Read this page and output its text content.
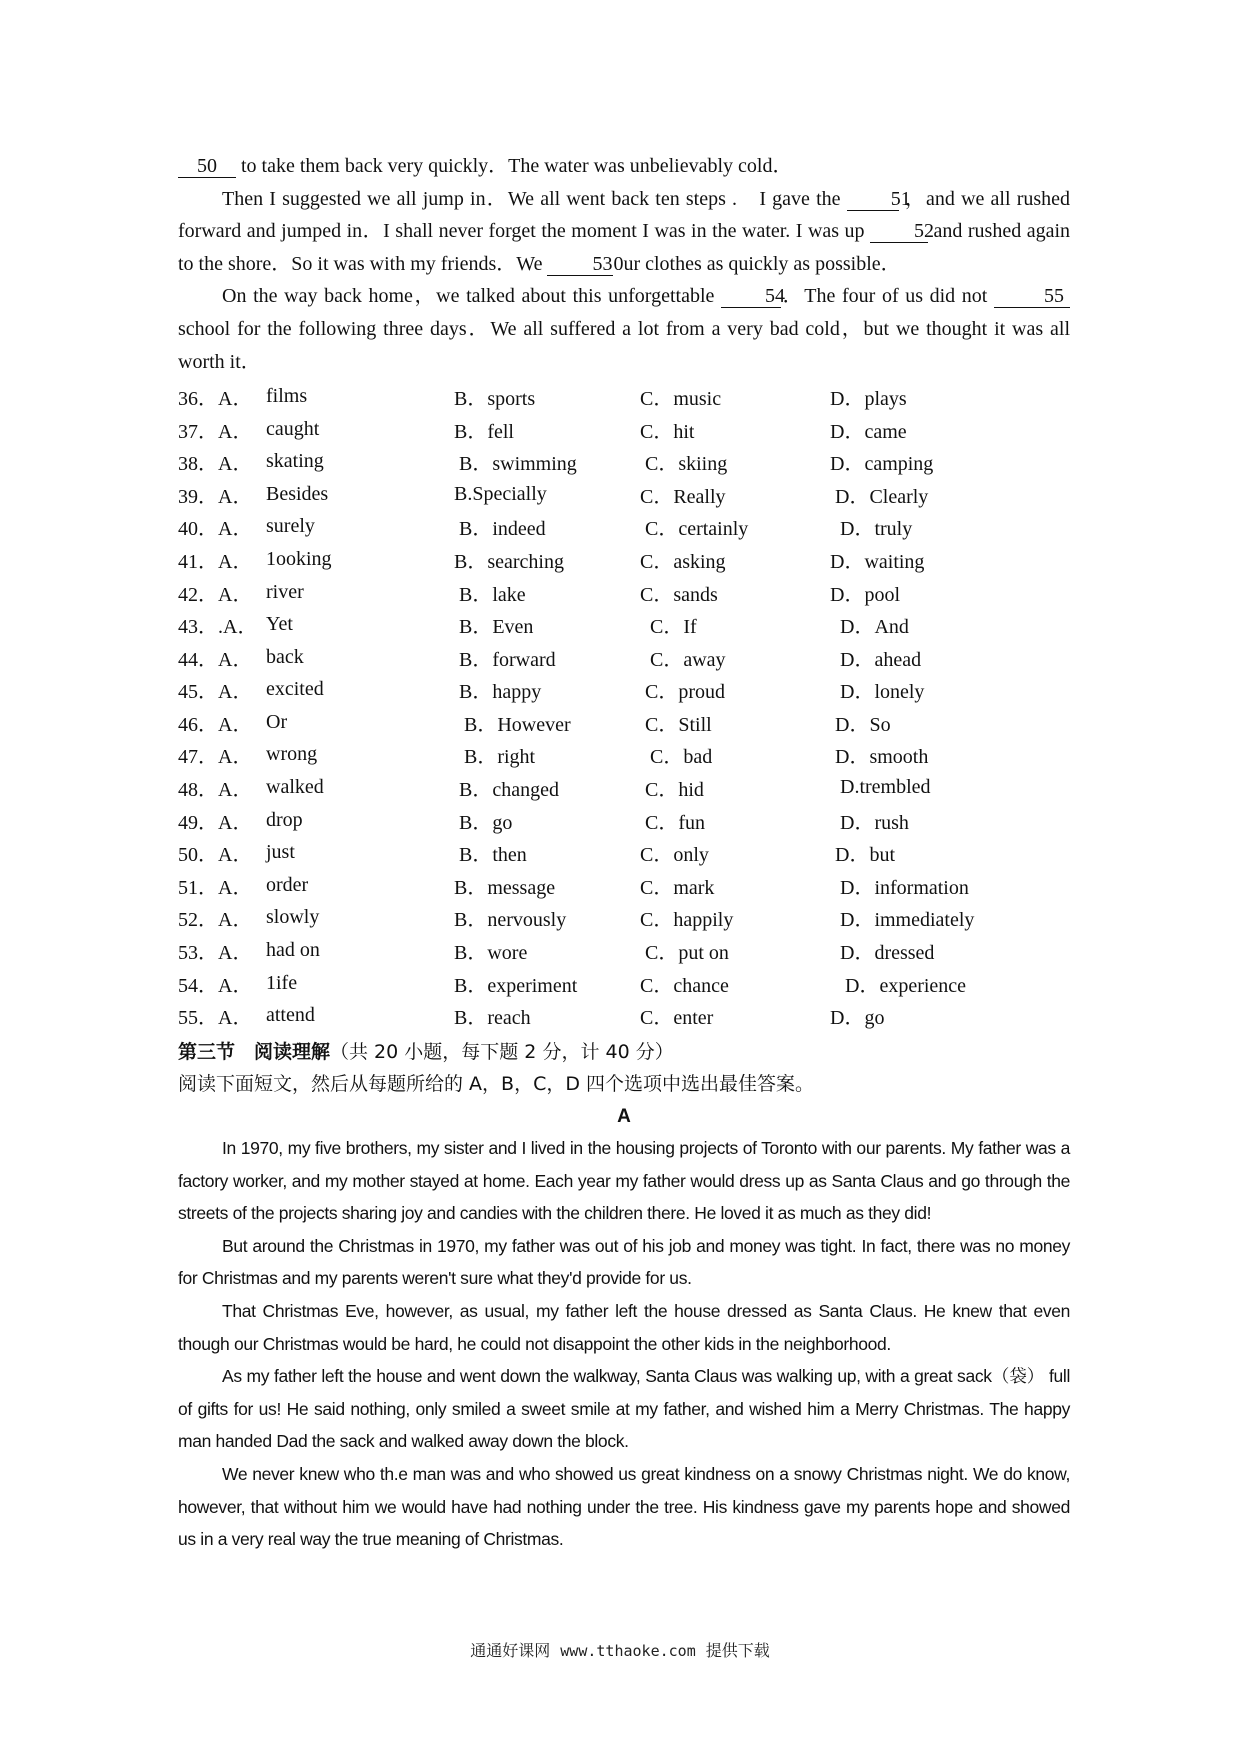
50 to take them back very quickly．The water was unbelievably cold．

Then I suggested we all jump in．We all went back ten steps .　I gave the	51 ，and we all rushed forward and jumped in．I shall never forget the moment I was in the water. I was up 52 and rushed again to the shore．So it was with my friends．We	530ur clothes as quickly as possible．

On the way back home，we talked about this unforgettable	54．The four of us did not	55 school for the following three days．We all suffered a lot from a very bad cold，but we thought it was all worth it．

36．A． films	B．sports	C．music	D．plays
37．A． caught	B．fell	C．hit	D．came
38．A． skating	B．swimming	C．skiing	D．camping
39．A． Besides	B.Specially	C．Really	D．Clearly
40．A． surely	B．indeed	C．certainly	D．truly
41．A． 1ooking	B．searching	C．asking	D．waiting
42．A． river	B．lake	C．sands	D．pool
43．.A． Yet	B．Even	C．If	D．And
44．A． back	B．forward	C．away	D．ahead
45．A． excited	B．happy	C．proud	D．lonely
46．A． Or	B．However	C．Still	D．So
47．A． wrong	B．right	C．bad	D．smooth
48．A． walked	B．changed	C．hid	D.trembled
49．A． drop	B．go	C．fun	D．rush
50．A． just	B．then	C．only	D．but
51．A． order	B．message	C．mark	D．information
52．A． slowly	B．nervously	C．happily	D．immediately
53．A． had on	B．wore	C．put on	D．dressed
54．A． 1ife	B．experiment	C．chance	D．experience
55．A． attend	B．reach	C．enter	D．go
第三节　阅读理解（共 20 小题，每下题 2 分，计 40 分）
阅读下面短文，然后从每题所给的 A，B，C，D 四个选项中选出最佳答案。
A

In 1970, my five brothers, my sister and I lived in the housing projects of Toronto with our parents. My father was a factory worker, and my mother stayed at home. Each year my father would dress up as Santa Claus and go through the streets of the projects sharing joy and candies with the children there. He loved it as much as they did!

But around the Christmas in 1970, my father was out of his job and money was tight. In fact, there was no money for Christmas and my parents weren't sure what they'd provide for us.

That Christmas Eve, however, as usual, my father left the house dressed as Santa Claus. He knew that even though our Christmas would be hard, he could not disappoint the other kids in the neighborhood.

As my father left the house and went down the walkway, Santa Claus was walking up, with a great sack（袋） full of gifts for us! He said nothing, only smiled a sweet smile at my father, and wished him a Merry Christmas. The happy man handed Dad the sack and walked away down the block.

We never knew who th.e man was and who showed us great kindness on a snowy Christmas night. We do know, however, that without him we would have had nothing under the tree. His kindness gave my parents hope and showed us in a very real way the true meaning of Christmas.

通通好课网 www.tthaoke.com 提供下载
